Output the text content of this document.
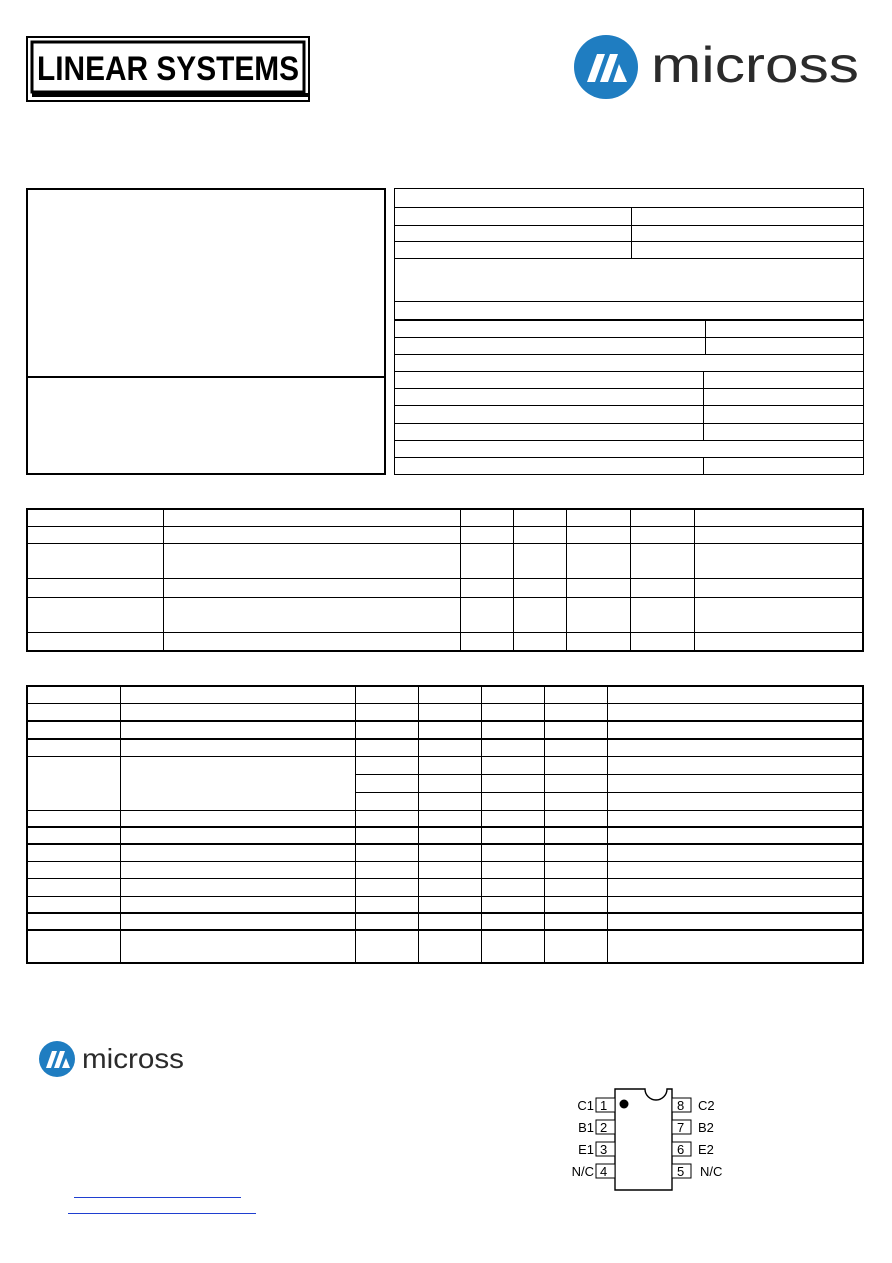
LINEAR SYSTEMS	micross

micross
1
2
3
4
8
7
6
5
C1
B1
E1
N/C
C2
B2
E2
N/C
